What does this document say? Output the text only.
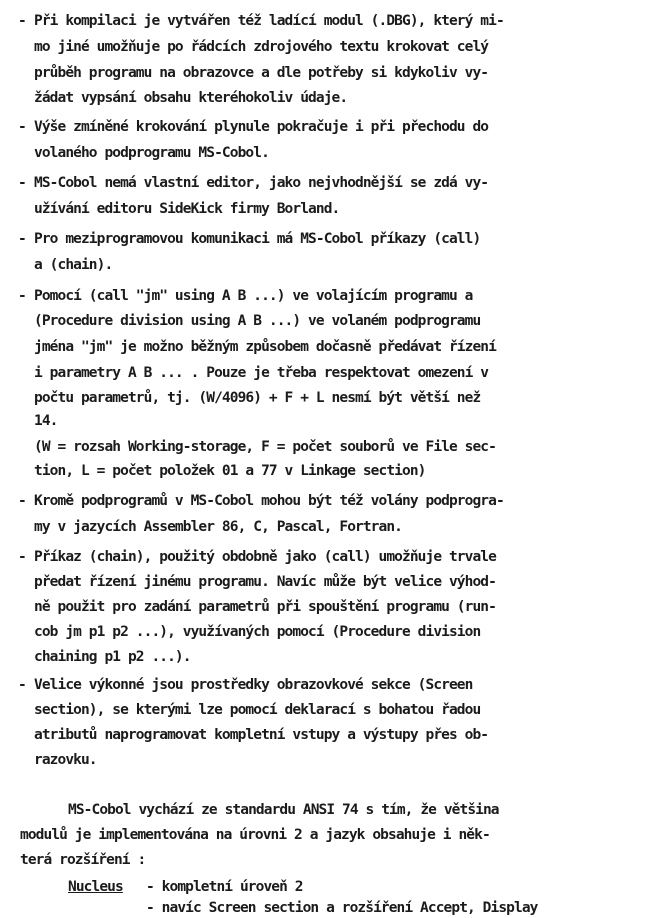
- Při kompilaci je vytvářen též ladící modul (.DBG), který mi-
mo jiné umožňuje po řádcích zdrojového textu krokovat celý
průběh programu na obrazovce a dle potřeby si kdykoliv vy-
žádat vypsání obsahu kteréhokoliv údaje.
- Výše zmíněné krokování plynule pokračuje i při přechodu do
volaného podprogramu MS-Cobol.
- MS-Cobol nemá vlastní editor, jako nejvhodnější se zdá vy-
užívání editoru SideKick firmy Borland.
- Pro meziprogramovou komunikaci má MS-Cobol příkazy (call)
a (chain).
- Pomocí (call "jm" using A B ...) ve volajícím programu a
(Procedure division using A B ...) ve volaném podprogramu
jména "jm" je možno běžným způsobem dočasně předávat řízení
i parametry A B ... . Pouze je třeba respektovat omezení v
počtu parametrů, tj. (W/4096) + F + L nesmí být větší než
14.
(W = rozsah Working-storage, F = počet souborů ve File sec-
tion, L = počet položek 01 a 77 v Linkage section)
- Kromě podprogramů v MS-Cobol mohou být též volány podprogra-
my v jazycích Assembler 86, C, Pascal, Fortran.
- Příkaz (chain), použitý obdobně jako (call) umožňuje trvale
předat řízení jinému programu. Navíc může být velice výhod-
ně použit pro zadání parametrů při spouštění programu (run-
cob jm p1 p2 ...), využívaných pomocí (Procedure division
chaining p1 p2 ...).
- Velice výkonné jsou prostředky obrazovkové sekce (Screen
section), se kterými lze pomocí deklarací s bohatou řadou
atributů naprogramovat kompletní vstupy a výstupy přes ob-
razovku.
MS-Cobol vychází ze standardu ANSI 74 s tím, že většina
modulů je implementována na úrovni 2 a jazyk obsahuje i něk-
terá rozšíření :
Nucleus - kompletní úroveň 2
- navíc Screen section a rozšíření Accept, Display
